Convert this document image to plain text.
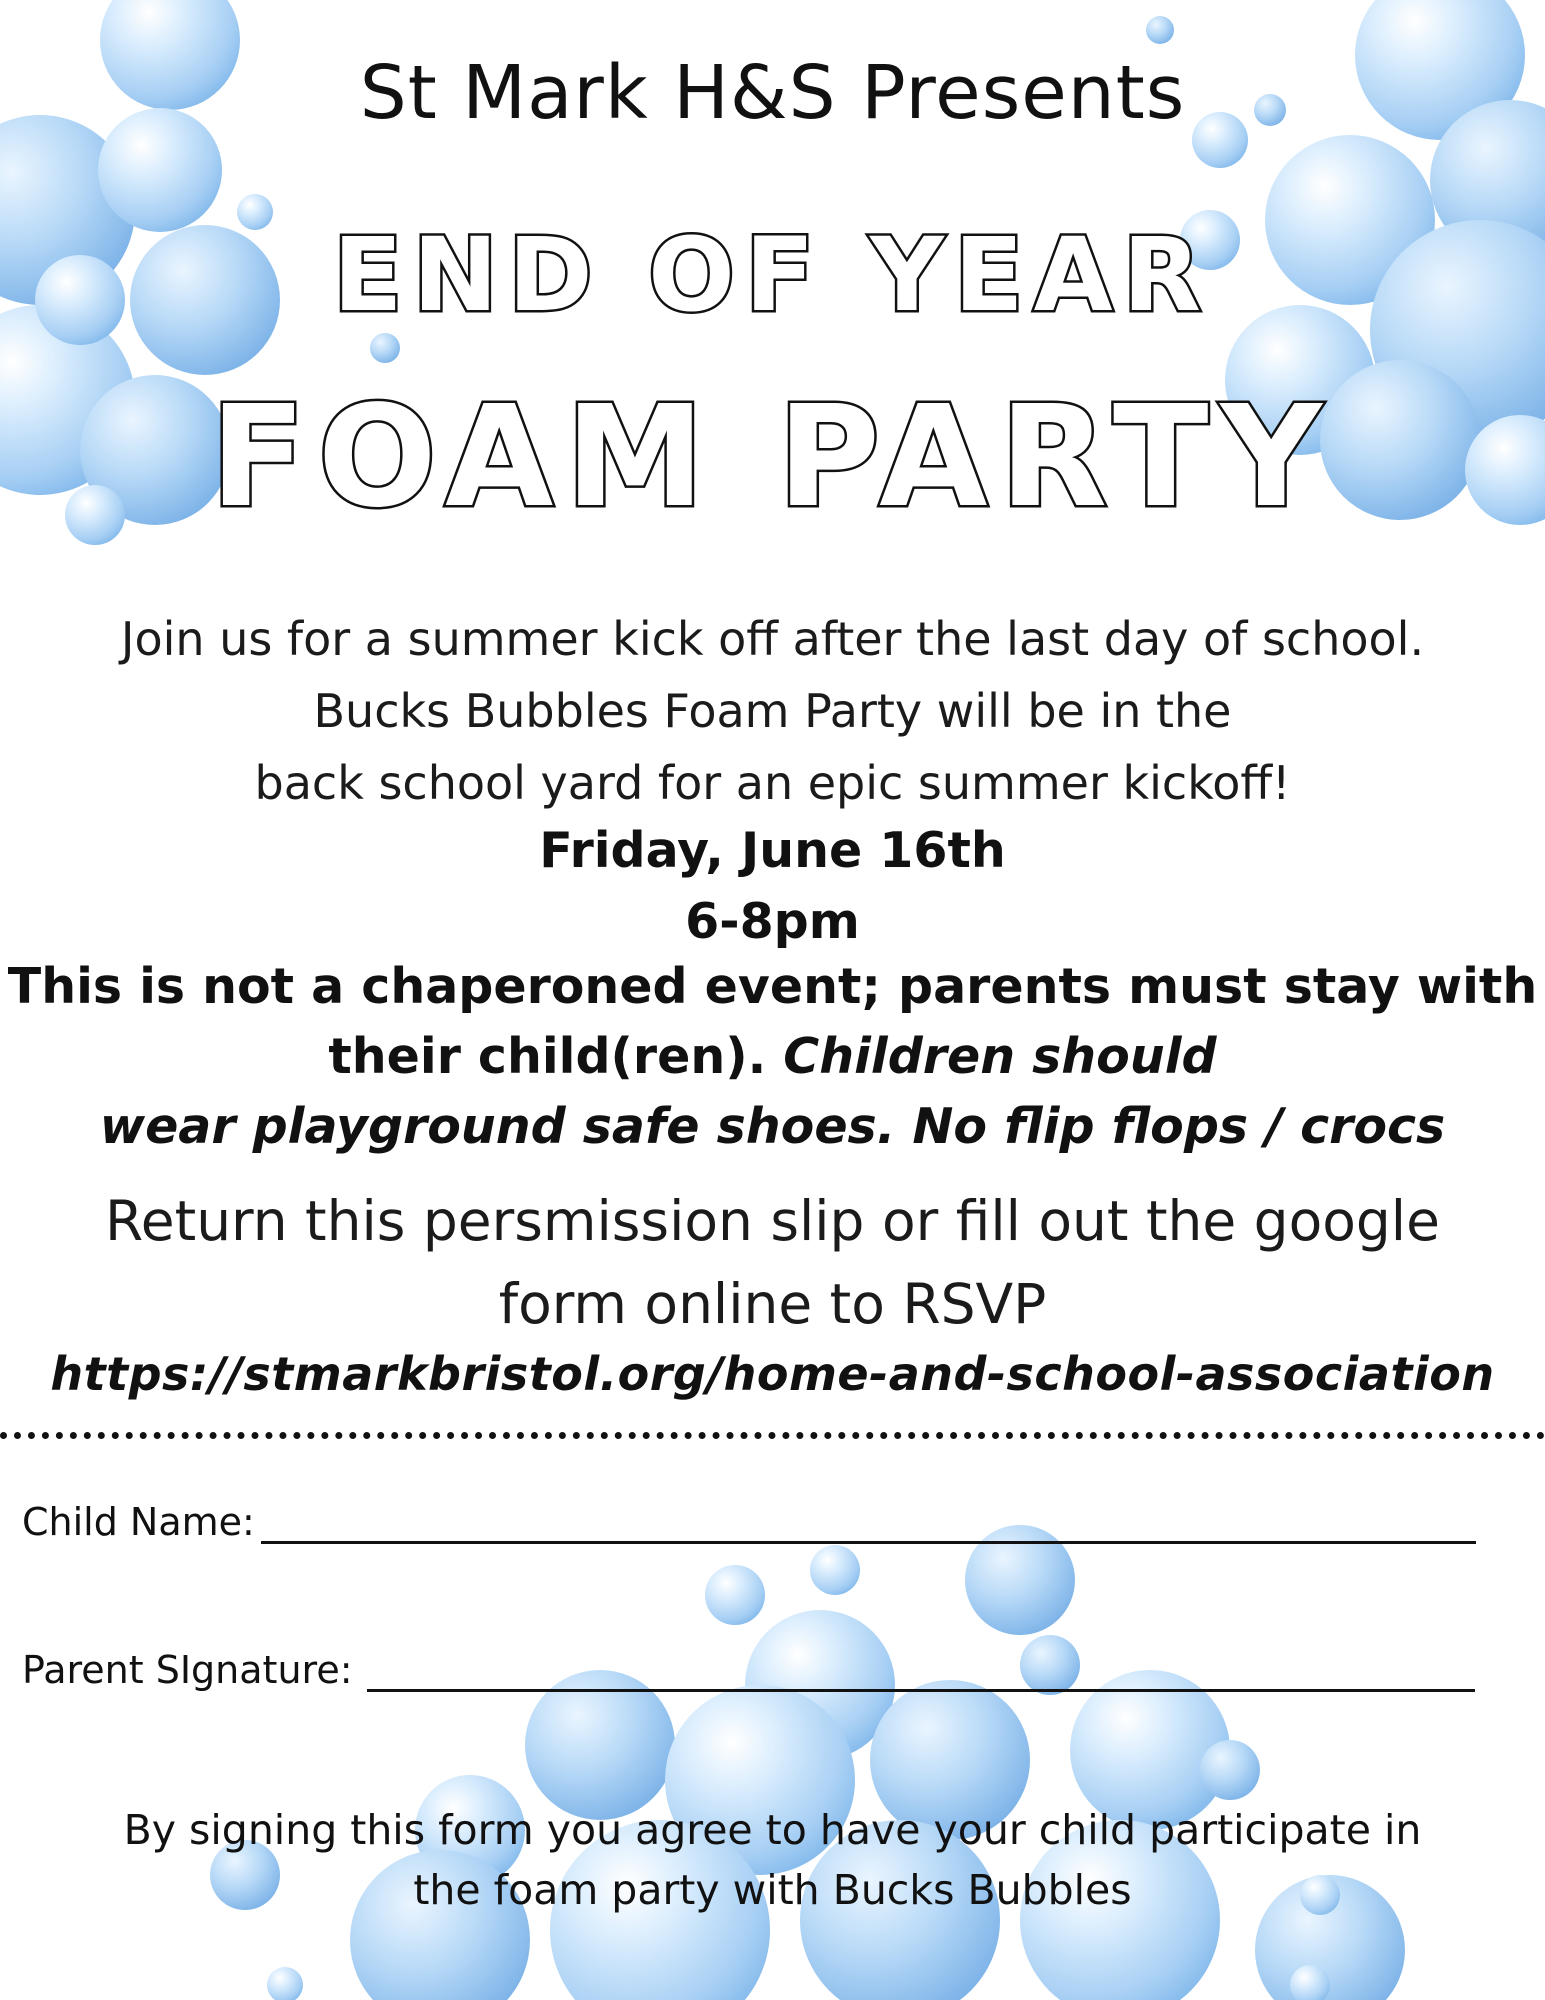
St Mark H&S Presents
END OF YEAR
FOAM PARTY
Join us for a summer kick off after the last day of school.
Bucks Bubbles Foam Party will be in the
back school yard for an epic summer kickoff!
Friday, June 16th
6-8pm
This is not a chaperoned event; parents must stay with
their child(ren). Children should
wear playground safe shoes. No flip flops / crocs
Return this persmission slip or fill out the google
form online to RSVP
https://stmarkbristol.org/home-and-school-association
Child Name:
Parent SIgnature:
By signing this form you agree to have your child participate in
the foam party with Bucks Bubbles
